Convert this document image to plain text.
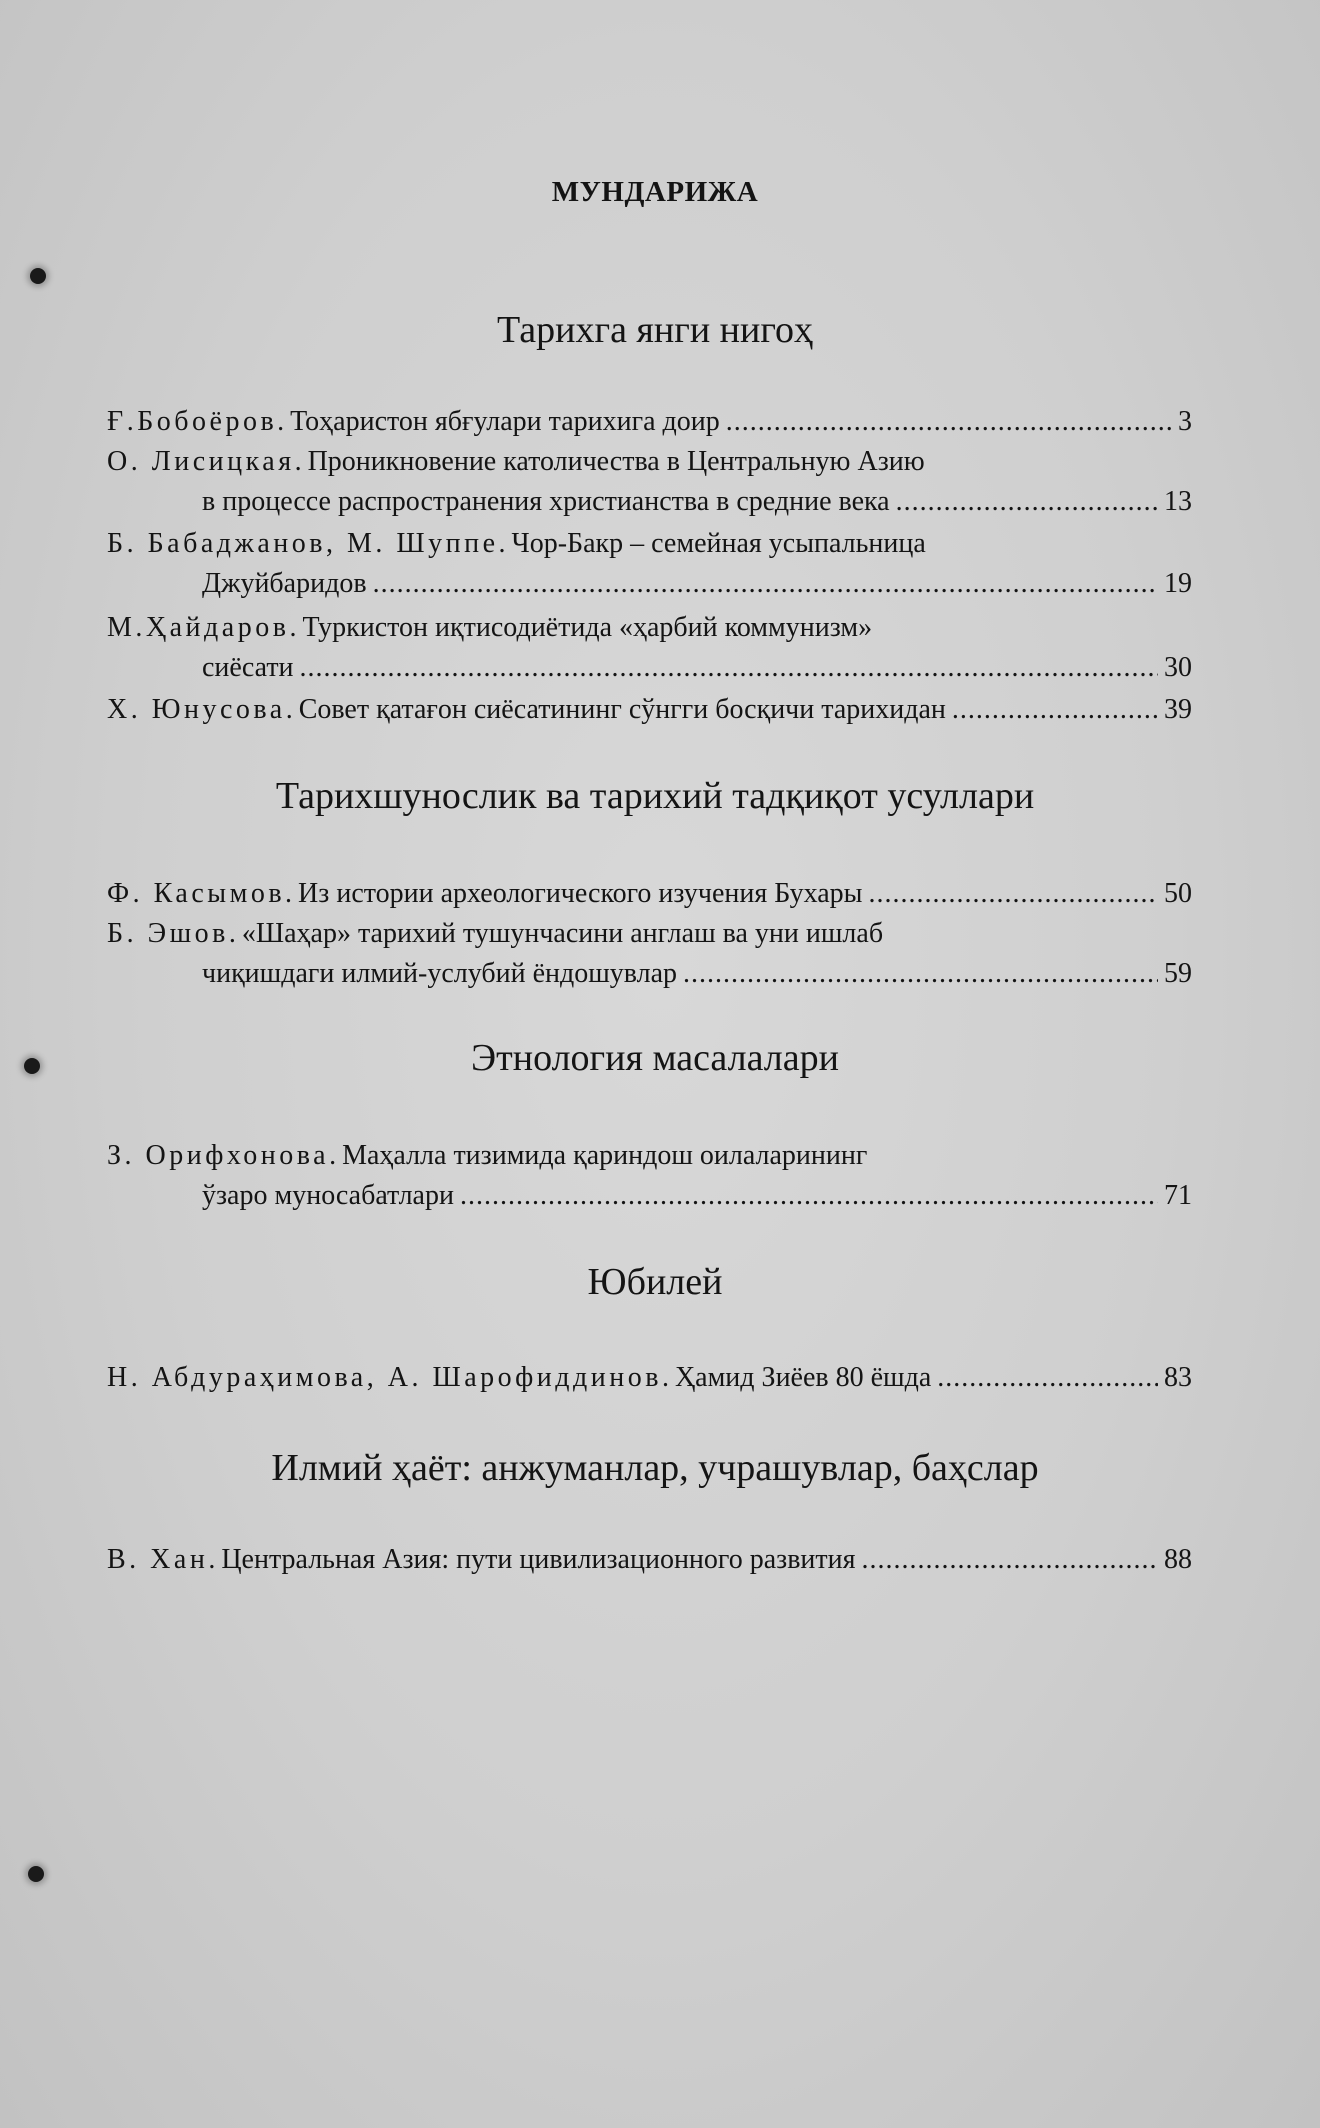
МУНДАРИЖА
Тарихга янги нигоҳ
Ғ.Бобоёров . Тоҳаристон ябғулари тарихига доир .....	3
О. Лисицкая . Проникновение католичества в Центральную Азию
в процессе распространения христианства в средние века .....	13
Б. Бабаджанов, М. Шуппе . Чор-Бакр – семейная усыпальница
Джуйбаридов .....	19
М.Ҳайдаров . Туркистон иқтисодиётида «ҳарбий коммунизм»
сиёсати .....	30
Х. Юнусова . Совет қатағон сиёсатининг сўнгги босқичи тарихидан .....	39
Тарихшунослик ва тарихий тадқиқот усуллари
Ф. Касымов . Из истории археологического изучения Бухары .....	50
Б. Эшов . «Шаҳар» тарихий тушунчасини англаш ва уни ишлаб
чиқишдаги илмий-услубий ёндошувлар .....	59
Этнология масалалари
З. Орифхонова . Маҳалла тизимида қариндош оилаларининг
ўзаро муносабатлари .....	71
Юбилей
Н. Абдураҳимова, А. Шарофиддинов . Ҳамид Зиёев 80 ёшда .....	83
Илмий ҳаёт: анжуманлар, учрашувлар, баҳслар
В. Хан . Центральная Азия: пути цивилизационного развития .....	88
